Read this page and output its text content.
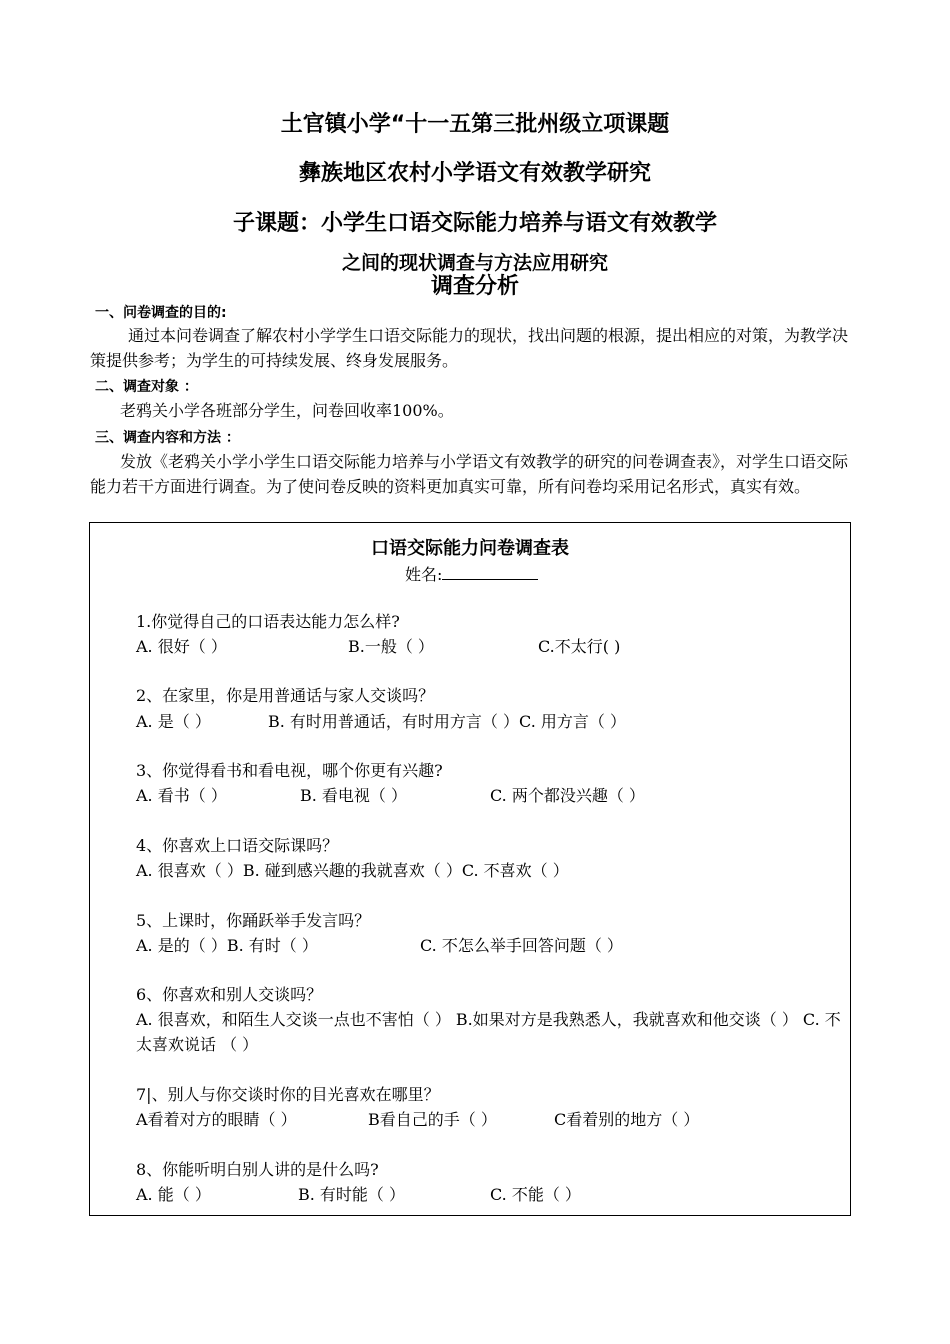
土官镇小学“十一五第三批州级立项课题
彝族地区农村小学语文有效教学研究
子课题：小学生口语交际能力培养与语文有效教学
之间的现状调查与方法应用研究
调查分析

一、问卷调查的目的:

通过本问卷调查了解农村小学学生口语交际能力的现状，找出问题的根源，提出相应的对策，为教学决策提供参考；为学生的可持续发展、终身发展服务。

二、调查对象 ：

老鸦关小学各班部分学生，问卷回收率100%。

三、调查内容和方法 ：

发放《老鸦关小学小学生口语交际能力培养与小学语文有效教学的研究的问卷调查表》，对学生口语交际能力若干方面进行调查。为了使问卷反映的资料更加真实可靠，所有问卷均采用记名形式，真实有效。

口语交际能力问卷调查表

姓名:

1.你觉得自己的口语表达能力怎么样?

A. 很好（ ）	B.一般（ ）	C.不太行( )

2、在家里，你是用普通话与家人交谈吗？

A. 是（ ）	B. 有时用普通话，有时用方言（ ）C. 用方言（ ）

3、你觉得看书和看电视，哪个你更有兴趣?

A. 看书（ ）	B. 看电视（ ）	C. 两个都没兴趣（ ）

4、你喜欢上口语交际课吗？

A. 很喜欢（ ）B. 碰到感兴趣的我就喜欢（ ）C. 不喜欢（ ）

5、上课时，你踊跃举手发言吗？

A. 是的（ ）B. 有时（ ）	C. 不怎么举手回答问题（ ）

6、你喜欢和别人交谈吗？

A. 很喜欢，和陌生人交谈一点也不害怕（ ） B.如果对方是我熟悉人，我就喜欢和他交谈（ ） C. 不太喜欢说话 （ ）

7|、别人与你交谈时你的目光喜欢在哪里？

A看着对方的眼睛（ ）	B看自己的手（ ）	C看着别的地方（ ）

8、你能听明白别人讲的是什么吗?

A. 能（ ）	B. 有时能（ ）	C. 不能（ ）
